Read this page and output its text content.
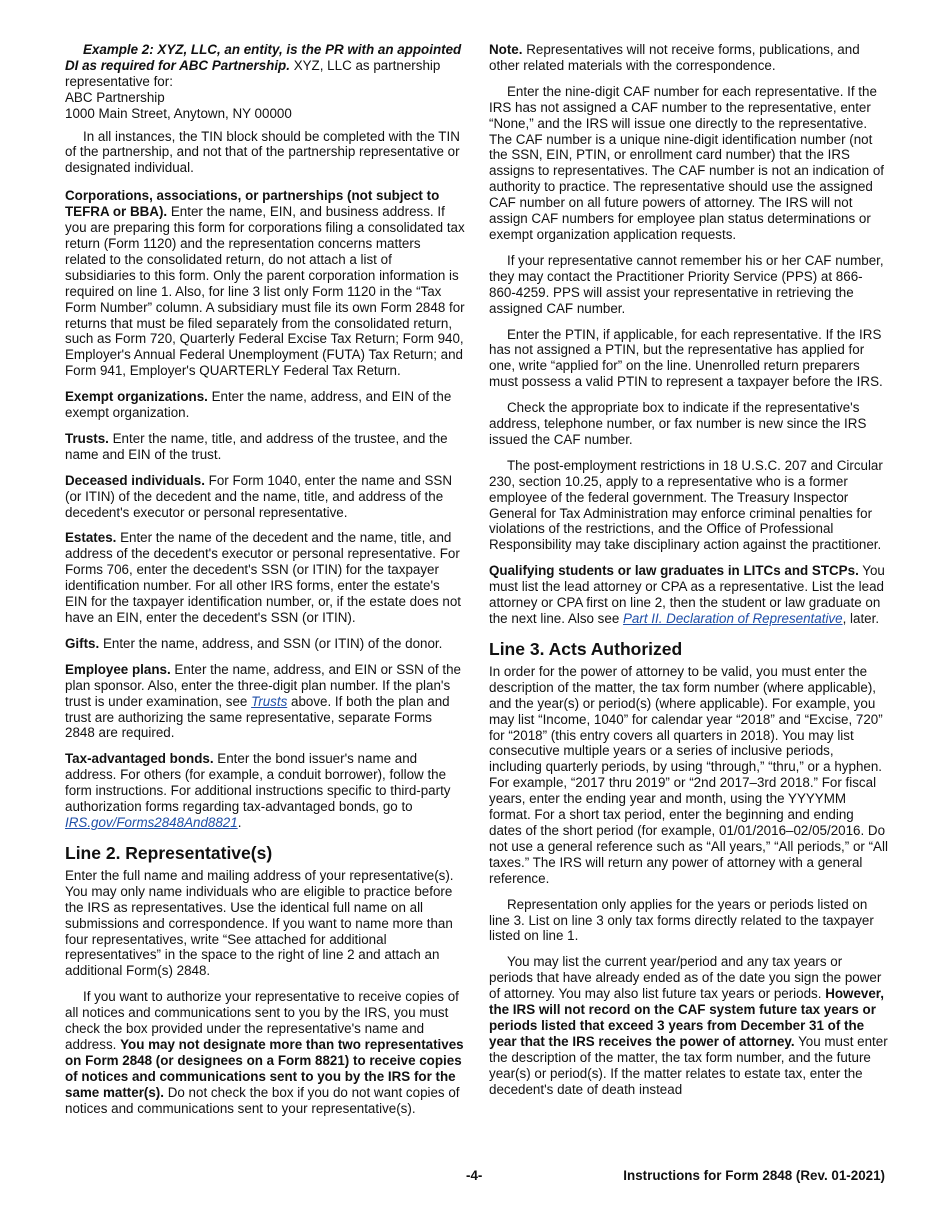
Example 2: XYZ, LLC, an entity, is the PR with an appointed DI as required for ABC Partnership. XYZ, LLC as partnership representative for:

ABC Partnership
1000 Main Street, Anytown, NY 00000

In all instances, the TIN block should be completed with the TIN of the partnership, and not that of the partnership representative or designated individual.

Corporations, associations, or partnerships (not subject to TEFRA or BBA). Enter the name, EIN, and business address. If you are preparing this form for corporations filing a consolidated tax return (Form 1120) and the representation concerns matters related to the consolidated return, do not attach a list of subsidiaries to this form. Only the parent corporation information is required on line 1. Also, for line 3 list only Form 1120 in the “Tax Form Number” column. A subsidiary must file its own Form 2848 for returns that must be filed separately from the consolidated return, such as Form 720, Quarterly Federal Excise Tax Return; Form 940, Employer's Annual Federal Unemployment (FUTA) Tax Return; and Form 941, Employer's QUARTERLY Federal Tax Return.

Exempt organizations. Enter the name, address, and EIN of the exempt organization.

Trusts. Enter the name, title, and address of the trustee, and the name and EIN of the trust.

Deceased individuals. For Form 1040, enter the name and SSN (or ITIN) of the decedent and the name, title, and address of the decedent's executor or personal representative.

Estates. Enter the name of the decedent and the name, title, and address of the decedent's executor or personal representative. For Forms 706, enter the decedent's SSN (or ITIN) for the taxpayer identification number. For all other IRS forms, enter the estate's EIN for the taxpayer identification number, or, if the estate does not have an EIN, enter the decedent's SSN (or ITIN).

Gifts. Enter the name, address, and SSN (or ITIN) of the donor.

Employee plans. Enter the name, address, and EIN or SSN of the plan sponsor. Also, enter the three-digit plan number. If the plan's trust is under examination, see Trusts above. If both the plan and trust are authorizing the same representative, separate Forms 2848 are required.

Tax-advantaged bonds. Enter the bond issuer's name and address. For others (for example, a conduit borrower), follow the form instructions. For additional instructions specific to third-party authorization forms regarding tax-advantaged bonds, go to IRS.gov/Forms2848And8821.

Line 2. Representative(s)

Enter the full name and mailing address of your representative(s). You may only name individuals who are eligible to practice before the IRS as representatives. Use the identical full name on all submissions and correspondence. If you want to name more than four representatives, write “See attached for additional representatives” in the space to the right of line 2 and attach an additional Form(s) 2848.

If you want to authorize your representative to receive copies of all notices and communications sent to you by the IRS, you must check the box provided under the representative's name and address. You may not designate more than two representatives on Form 2848 (or designees on a Form 8821) to receive copies of notices and communications sent to you by the IRS for the same matter(s). Do not check the box if you do not want copies of notices and communications sent to your representative(s).

Note. Representatives will not receive forms, publications, and other related materials with the correspondence.

Enter the nine-digit CAF number for each representative. If the IRS has not assigned a CAF number to the representative, enter “None,” and the IRS will issue one directly to the representative. The CAF number is a unique nine-digit identification number (not the SSN, EIN, PTIN, or enrollment card number) that the IRS assigns to representatives. The CAF number is not an indication of authority to practice. The representative should use the assigned CAF number on all future powers of attorney. The IRS will not assign CAF numbers for employee plan status determinations or exempt organization application requests.

If your representative cannot remember his or her CAF number, they may contact the Practitioner Priority Service (PPS) at 866-860-4259. PPS will assist your representative in retrieving the assigned CAF number.

Enter the PTIN, if applicable, for each representative. If the IRS has not assigned a PTIN, but the representative has applied for one, write “applied for” on the line. Unenrolled return preparers must possess a valid PTIN to represent a taxpayer before the IRS.

Check the appropriate box to indicate if the representative's address, telephone number, or fax number is new since the IRS issued the CAF number.

The post-employment restrictions in 18 U.S.C. 207 and Circular 230, section 10.25, apply to a representative who is a former employee of the federal government. The Treasury Inspector General for Tax Administration may enforce criminal penalties for violations of the restrictions, and the Office of Professional Responsibility may take disciplinary action against the practitioner.

Qualifying students or law graduates in LITCs and STCPs. You must list the lead attorney or CPA as a representative. List the lead attorney or CPA first on line 2, then the student or law graduate on the next line. Also see Part II. Declaration of Representative, later.

Line 3. Acts Authorized

In order for the power of attorney to be valid, you must enter the description of the matter, the tax form number (where applicable), and the year(s) or period(s) (where applicable). For example, you may list “Income, 1040” for calendar year “2018” and “Excise, 720” for “2018” (this entry covers all quarters in 2018). You may list consecutive multiple years or a series of inclusive periods, including quarterly periods, by using “through,” “thru,” or a hyphen. For example, “2017 thru 2019” or “2nd 2017–3rd 2018.” For fiscal years, enter the ending year and month, using the YYYYMM format. For a short tax period, enter the beginning and ending dates of the short period (for example, 01/01/2016–02/05/2016. Do not use a general reference such as “All years,” “All periods,” or “All taxes.” The IRS will return any power of attorney with a general reference.

Representation only applies for the years or periods listed on line 3. List on line 3 only tax forms directly related to the taxpayer listed on line 1.

You may list the current year/period and any tax years or periods that have already ended as of the date you sign the power of attorney. You may also list future tax years or periods. However, the IRS will not record on the CAF system future tax years or periods listed that exceed 3 years from December 31 of the year that the IRS receives the power of attorney. You must enter the description of the matter, the tax form number, and the future year(s) or period(s). If the matter relates to estate tax, enter the decedent's date of death instead

-4-	Instructions for Form 2848 (Rev. 01-2021)
